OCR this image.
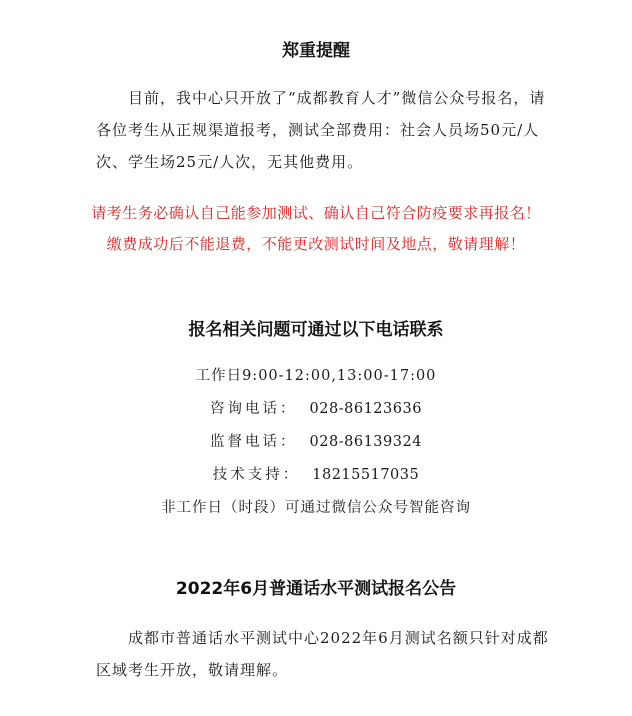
郑重提醒

目前，我中心只开放了“成都教育人才”微信公众号报名，请各位考生从正规渠道报考，测试全部费用：社会人员场50元/人次、学生场25元/人次，无其他费用。

请考生务必确认自己能参加测试、确认自己符合防疫要求再报名！
缴费成功后不能退费，不能更改测试时间及地点，敬请理解！
报名相关问题可通过以下电话联系
工作日9:00-12:00,13:00-17:00
咨询电话： 028-86123636
监督电话： 028-86139324
技术支持： 18215517035
非工作日（时段）可通过微信公众号智能咨询
2022年6月普通话水平测试报名公告

成都市普通话水平测试中心2022年6月测试名额只针对成都区域考生开放，敬请理解。
